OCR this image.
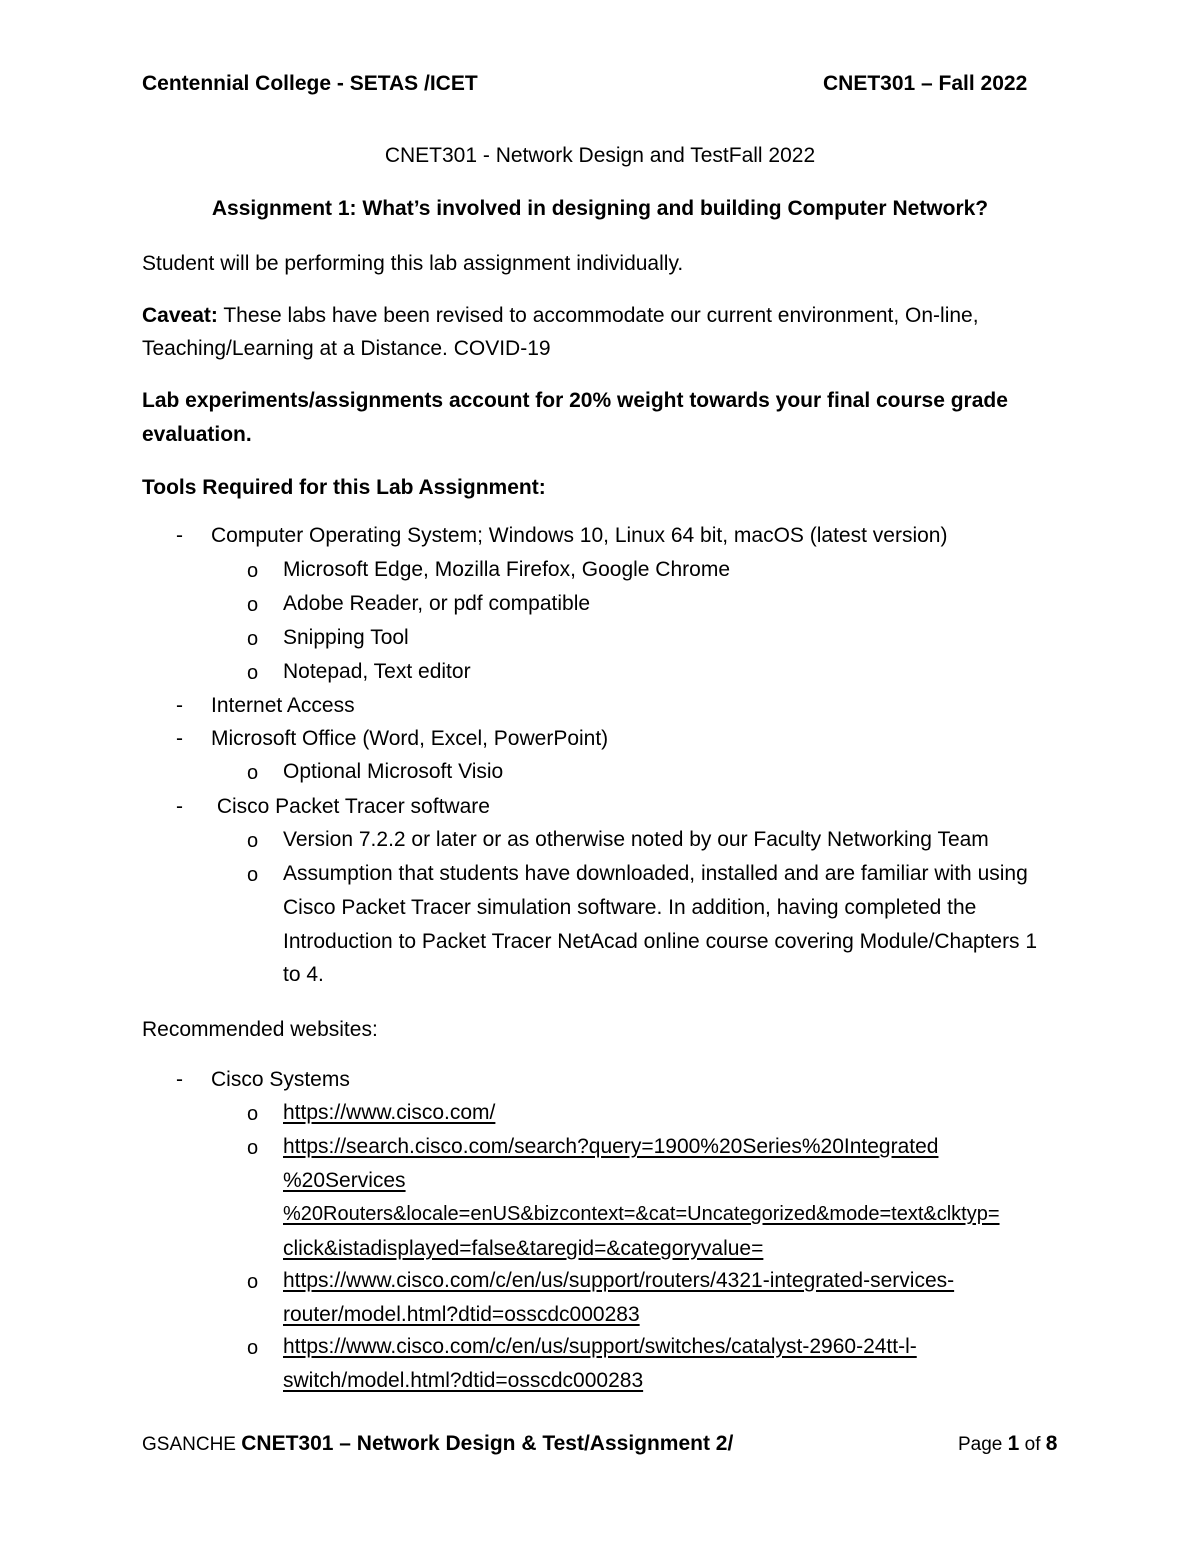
Centennial College - SETAS /ICET	CNET301 – Fall 2022
CNET301 - Network Design and TestFall 2022
Assignment 1: What’s involved in designing and building Computer Network?
Student will be performing this lab assignment individually.
Caveat: These labs have been revised to accommodate our current environment, On-line,
Teaching/Learning at a Distance. COVID-19
Lab experiments/assignments account for 20% weight towards your final course grade
evaluation.
Tools Required for this Lab Assignment:
- Computer Operating System; Windows 10, Linux 64 bit, macOS (latest version)
o Microsoft Edge, Mozilla Firefox, Google Chrome
o Adobe Reader, or pdf compatible
o Snipping Tool
o Notepad, Text editor
- Internet Access
- Microsoft Office (Word, Excel, PowerPoint)
o Optional Microsoft Visio
- Cisco Packet Tracer software
o Version 7.2.2 or later or as otherwise noted by our Faculty Networking Team
o Assumption that students have downloaded, installed and are familiar with using
Cisco Packet Tracer simulation software. In addition, having completed the
Introduction to Packet Tracer NetAcad online course covering Module/Chapters 1
to 4.
Recommended websites:
- Cisco Systems
o https://www.cisco.com/
o https://search.cisco.com/search?query=1900%20Series%20Integrated
%20Services
%20Routers&locale=enUS&bizcontext=&cat=Uncategorized&mode=text&clktyp=
click&istadisplayed=false&taregid=&categoryvalue=
o https://www.cisco.com/c/en/us/support/routers/4321-integrated-services-
router/model.html?dtid=osscdc000283
o https://www.cisco.com/c/en/us/support/switches/catalyst-2960-24tt-l-
switch/model.html?dtid=osscdc000283
GSANCHE CNET301 – Network Design & Test/Assignment 2/	Page 1 of 8
